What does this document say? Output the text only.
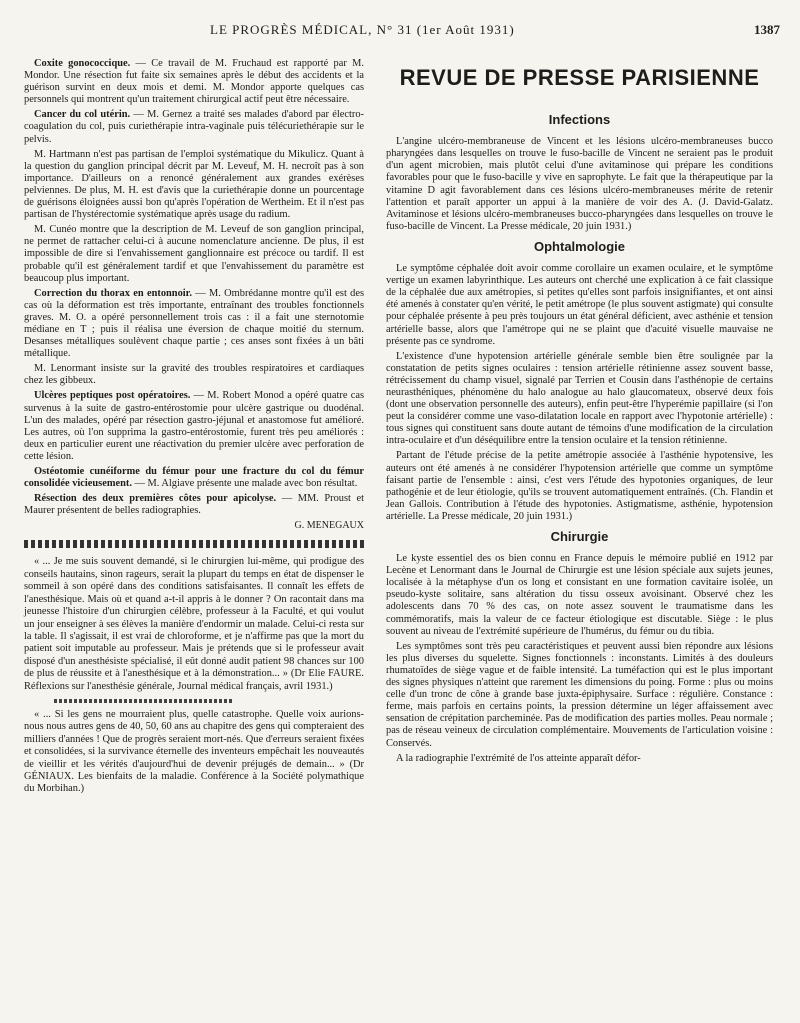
LE PROGRÈS MÉDICAL, N° 31 (1er Août 1931)	1387

Coxite gonococcique. — Ce travail de M. Fruchaud est rapporté par M. Mondor. Une résection fut faite six semaines après le début des accidents et la guérison survint en deux mois et demi. M. Mondor apporte quelques cas personnels qui montrent qu'un traitement chirurgical actif peut être nécessaire.

Cancer du col utérin. — M. Gernez a traité ses malades d'abord par électro-coagulation du col, puis curiethérapie intra-vaginale puis télécuriethérapie sur le pelvis.

M. Hartmann n'est pas partisan de l'emploi systématique du Mikulicz. Quant à la question du ganglion principal décrit par M. Leveuf, M. H. necroît pas à son importance. D'ailleurs on a renoncé généralement aux grandes exérèses pelviennes. De plus, M. H. est d'avis que la curiethérapie donne un pourcentage de guérisons éloignées aussi bon qu'après l'opération de Wertheim. Et il n'est pas partisan de l'hystérectomie systématique après usage du radium.

M. Cunéo montre que la description de M. Leveuf de son ganglion principal, ne permet de rattacher celui-ci à aucune nomenclature ancienne. De plus, il est impossible de dire si l'envahissement ganglionnaire est précoce ou tardif. Il est probable qu'il est généralement tardif et que l'envahissement du paramètre est beaucoup plus important.

Correction du thorax en entonnoir. — M. Ombrédanne montre qu'il est des cas où la déformation est très importante, entraînant des troubles fonctionnels graves. M. O. a opéré personnellement trois cas : il a fait une sternotomie médiane en T ; puis il réalisa une éversion de chaque moitié du sternum. Desanses métalliques soulèvent chaque partie ; ces anses sont fixées à un bâti métallique.

M. Lenormant insiste sur la gravité des troubles respiratoires et cardiaques chez les gibbeux.

Ulcères peptiques post opératoires. — M. Robert Monod a opéré quatre cas survenus à la suite de gastro-entérostomie pour ulcère gastrique ou duodénal. L'un des malades, opéré par résection gastro-jéjunal et anastomose fut amélioré. Les autres, où l'on supprima la gastro-entérostomie, furent très peu améliorés : deux en particulier eurent une réactivation du premier ulcère avec perforation de cette lésion.

Ostéotomie cunéiforme du fémur pour une fracture du col du fémur consolidée vicieusement. — M. Algiave présente une malade avec bon résultat.

Résection des deux premières côtes pour apicolyse. — MM. Proust et Maurer présentent de belles radiographies.

G. MENEGAUX

« ... Je me suis souvent demandé, si le chirurgien lui-même, qui prodigue des conseils hautains, sinon rageurs, serait la plupart du temps en état de dispenser le sommeil à son opéré dans des conditions satisfaisantes. Il connaît les effets de l'anesthésique. Mais où et quand a-t-il appris à le donner ? On racontait dans ma jeunesse l'histoire d'un chirurgien célèbre, professeur à la Faculté, et qui voulut un jour enseigner à ses élèves la manière d'endormir un malade. Celui-ci resta sur la table. Il s'agissait, il est vrai de chloroforme, et je n'affirme pas que la mort du patient soit imputable au professeur. Mais je prétends que si le professeur avait disposé d'un anesthésiste spécialisé, il eût donné audit patient 98 chances sur 100 de plus de réussite et à l'anesthésique et à la démonstration... » (Dr Elie FAURE. Réflexions sur l'anesthésie générale, Journal médical français, avril 1931.)

« ... Si les gens ne mourraient plus, quelle catastrophe. Quelle voix aurions-nous nous autres gens de 40, 50, 60 ans au chapitre des gens qui compteraient des milliers d'années ! Que de progrès seraient mort-nés. Que d'erreurs seraient fixées et consolidées, si la survivance éternelle des inventeurs empêchait les nouveautés de vieillir et les vérités d'aujourd'hui de devenir préjugés de demain... » (Dr GÉNIAUX. Les bienfaits de la maladie. Conférence à la Société polymathique du Morbihan.)

REVUE DE PRESSE PARISIENNE
Infections

L'angine ulcéro-membraneuse de Vincent et les lésions ulcéro-membraneuses bucco pharyngées dans lesquelles on trouve le fuso-bacille de Vincent ne seraient pas le produit d'un agent microbien, mais plutôt celui d'une avitaminose qui prépare les conditions favorables pour que le fuso-bacille y vive en saprophyte. Le fait que la thérapeutique par la vitamine D agit favorablement dans ces lésions ulcéro-membraneuses mérite de retenir l'attention et paraît apporter un appui à la manière de voir des A. (J. David-Galatz. Avitaminose et lésions ulcéro-membraneuses bucco-pharyngées dans lesquelles on trouve le fuso-bacille de Vincent. La Presse médicale, 20 juin 1931.)

Ophtalmologie

Le symptôme céphalée doit avoir comme corollaire un examen oculaire, et le symptôme vertige un examen labyrinthique. Les auteurs ont cherché une explication à ce fait classique de la céphalée due aux amétropies, si petites qu'elles sont parfois insignifiantes, et ont ainsi été amenés à constater qu'en vérité, le petit amétrope (le plus souvent astigmate) qui consulte pour céphalée présente à peu près toujours un état général déficient, avec asthénie et tension artérielle basse, alors que l'amétrope qui ne se plaint que d'acuité visuelle mauvaise ne présente pas ce syndrome.

L'existence d'une hypotension artérielle générale semble bien être soulignée par la constatation de petits signes oculaires : tension artérielle rétinienne assez souvent basse, rétrécissement du champ visuel, signalé par Terrien et Cousin dans l'asthénopie de certains neurasthéniques, phénomène du halo analogue au halo glaucomateux, observé deux fois (dont une observation personnelle des auteurs), enfin peut-être l'hyperémie papillaire (si l'on peut la considérer comme une vaso-dilatation locale en rapport avec l'hypotonie artérielle) : tous signes qui constituent sans doute autant de témoins d'une modification de la circulation intra-oculaire et d'un déséquilibre entre la tension oculaire et la tension rétinienne.

Partant de l'étude précise de la petite amétropie associée à l'asthénie hypotensive, les auteurs ont été amenés à ne considérer l'hypotension artérielle que comme un symptôme faisant partie de l'ensemble : ainsi, c'est vers l'étude des hypotonies organiques, de leur pathogénie et de leur étiologie, qu'ils se trouvent automatiquement entraînés. (Ch. Flandin et Jean Gallois. Contribution à l'étude des hypotonies. Astigmatisme, asthénie, hypotension artérielle. La Presse médicale, 20 juin 1931.)

Chirurgie

Le kyste essentiel des os bien connu en France depuis le mémoire publié en 1912 par Lecène et Lenormant dans le Journal de Chirurgie est une lésion spéciale aux sujets jeunes, localisée à la métaphyse d'un os long et consistant en une formation cavitaire isolée, un pseudo-kyste solitaire, sans altération du tissu osseux avoisinant. Observé chez les adolescents dans 70 % des cas, on note assez souvent le traumatisme dans les commémoratifs, mais la valeur de ce facteur étiologique est discutable. Siège : le plus souvent au niveau de l'extrémité supérieure de l'humérus, du fémur ou du tibia.

Les symptômes sont très peu caractéristiques et peuvent aussi bien répondre aux lésions les plus diverses du squelette. Signes fonctionnels : inconstants. Limités à des douleurs rhumatoïdes de siège vague et de faible intensité. La tuméfaction qui est le plus important des signes physiques n'atteint que rarement les dimensions du poing. Forme : plus ou moins celle d'un tronc de cône à grande base juxta-épiphysaire. Surface : régulière. Constance : ferme, mais parfois en certains points, la pression détermine un léger affaissement avec sensation de crépitation parcheminée. Pas de modification des parties molles. Peau normale ; pas de réseau veineux de circulation complémentaire. Mouvements de l'articulation voisine : Conservés.

A la radiographie l'extrémité de l'os atteinte apparaît défor-
